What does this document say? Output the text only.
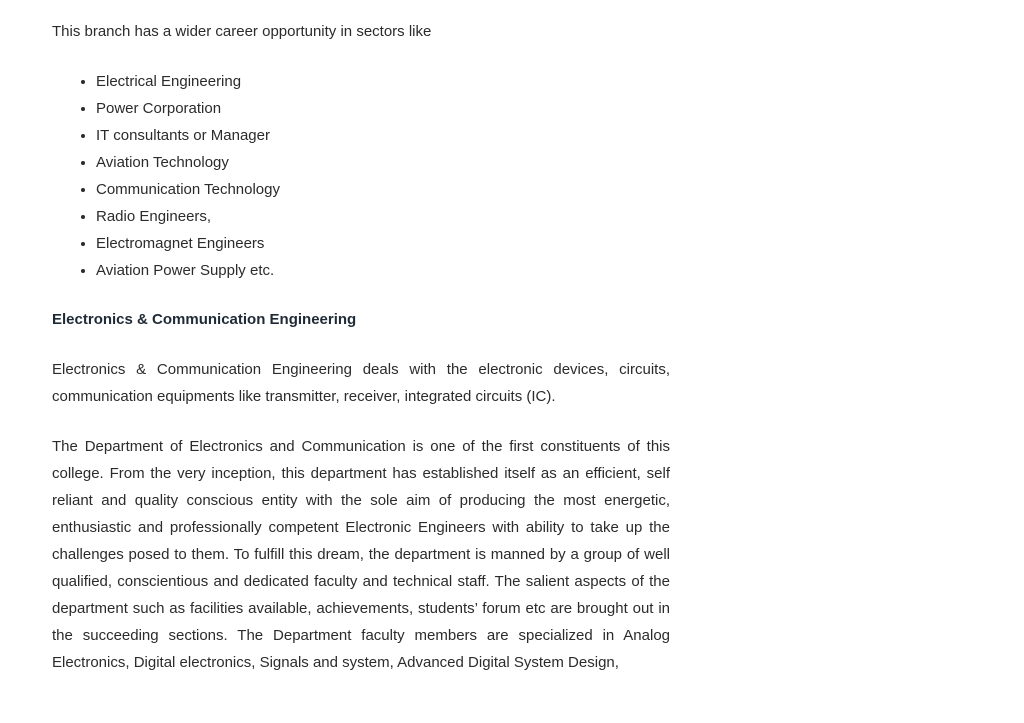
This branch has a wider career opportunity in sectors like

• Electrical Engineering
• Power Corporation
• IT consultants or Manager
• Aviation Technology
• Communication Technology
• Radio Engineers,
• Electromagnet Engineers
• Aviation Power Supply etc.
Electronics & Communication Engineering

Electronics & Communication Engineering deals with the electronic devices, circuits, communication equipments like transmitter, receiver, integrated circuits (IC).

The Department of Electronics and Communication is one of the first constituents of this college. From the very inception, this department has established itself as an efficient, self reliant and quality conscious entity with the sole aim of producing the most energetic, enthusiastic and professionally competent Electronic Engineers with ability to take up the challenges posed to them. To fulfill this dream, the department is manned by a group of well qualified, conscientious and dedicated faculty and technical staff. The salient aspects of the department such as facilities available, achievements, students’ forum etc are brought out in the succeeding sections. The Department faculty members are specialized in Analog Electronics, Digital electronics, Signals and system, Advanced Digital System Design,
